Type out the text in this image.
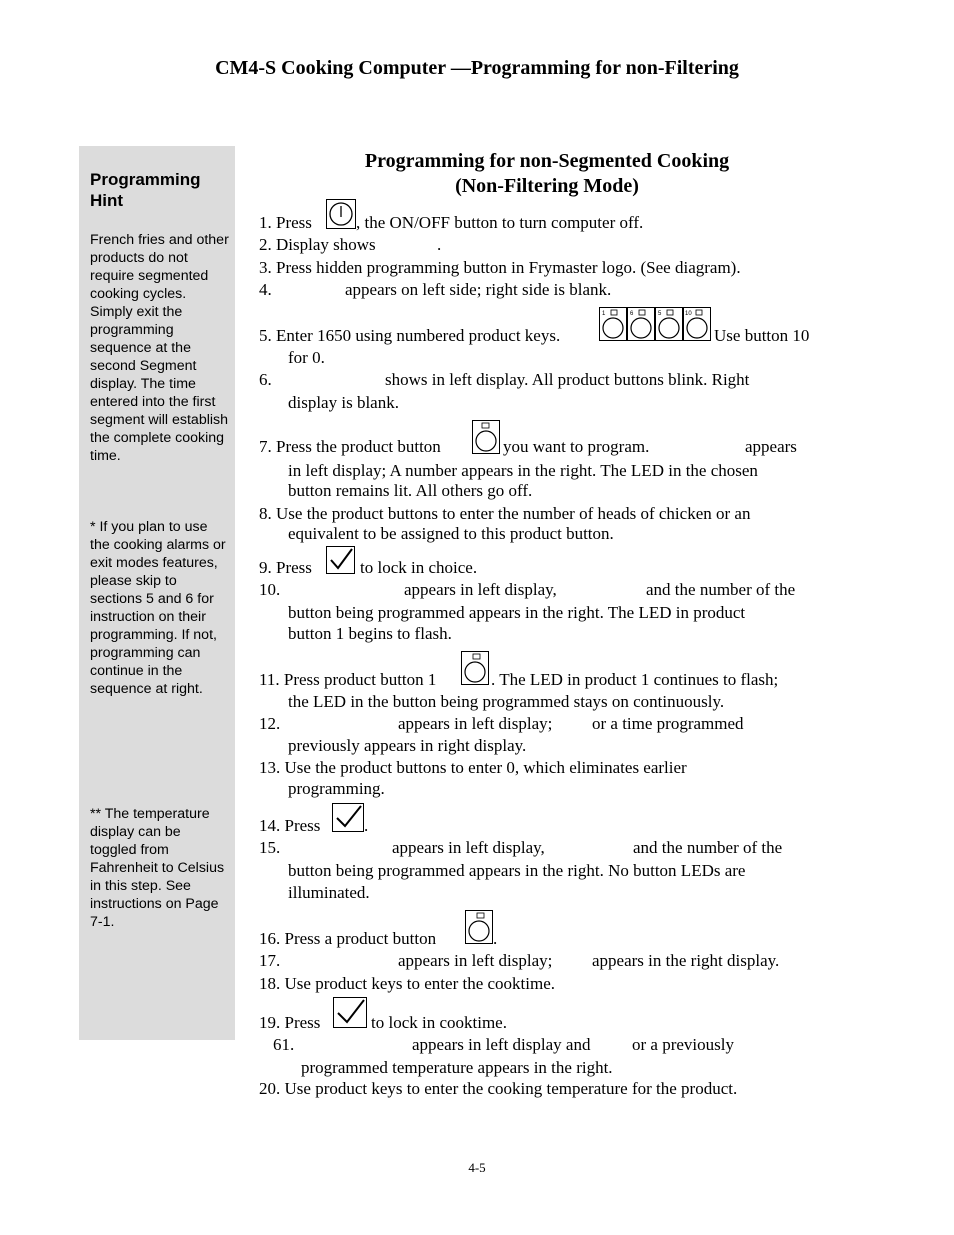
CM4-S Cooking Computer —Programming for non-Filtering
Programming Hint
French fries and other products do not require segmented cooking cycles. Simply exit the programming sequence at the second Segment display. The time entered into the first segment will establish the complete cooking time.
* If you plan to use the cooking alarms or exit modes features, please skip to sections 5 and 6 for instruction on their programming. If not, programming can continue in the sequence at right.
** The temperature display can be toggled from Fahrenheit to Celsius in this step. See instructions on Page 7-1.
Programming for non-Segmented Cooking
(Non-Filtering Mode)
1. Press	, the ON/OFF button to turn computer off.
2. Display shows	.
3. Press hidden programming button in Frymaster logo. (See diagram).
4.	appears on left side; right side is blank.
5. Enter 1650 using numbered product keys.
1	6	5	10
Use button 10
for 0.
6.	shows in left display. All product buttons blink. Right
display is blank.
7. Press the product button	you want to program.	appears
in left display; A number appears in the right. The LED in the chosen
button remains lit. All others go off.
8. Use the product buttons to enter the number of heads of chicken or an
equivalent to be assigned to this product button.
9. Press	to lock in choice.
10.	appears in left display,	and the number of the
button being programmed appears in the right. The LED in product
button 1 begins to flash.
11. Press product button 1	. The LED in product 1 continues to flash;
the LED in the button being programmed stays on continuously.
12.	appears in left display; or a time programmed
previously appears in right display.
13. Use the product buttons to enter 0, which eliminates earlier
programming.
14. Press	.
15.	appears in left display,	and the number of the
button being programmed appears in the right. No button LEDs are
illuminated.
16. Press a product button	.
17.	appears in left display; appears in the right display.
18. Use product keys to enter the cooktime.
19. Press	to lock in cooktime.
61.	appears in left display and or a previously
programmed temperature appears in the right.
20. Use product keys to enter the cooking temperature for the product.
4-5
